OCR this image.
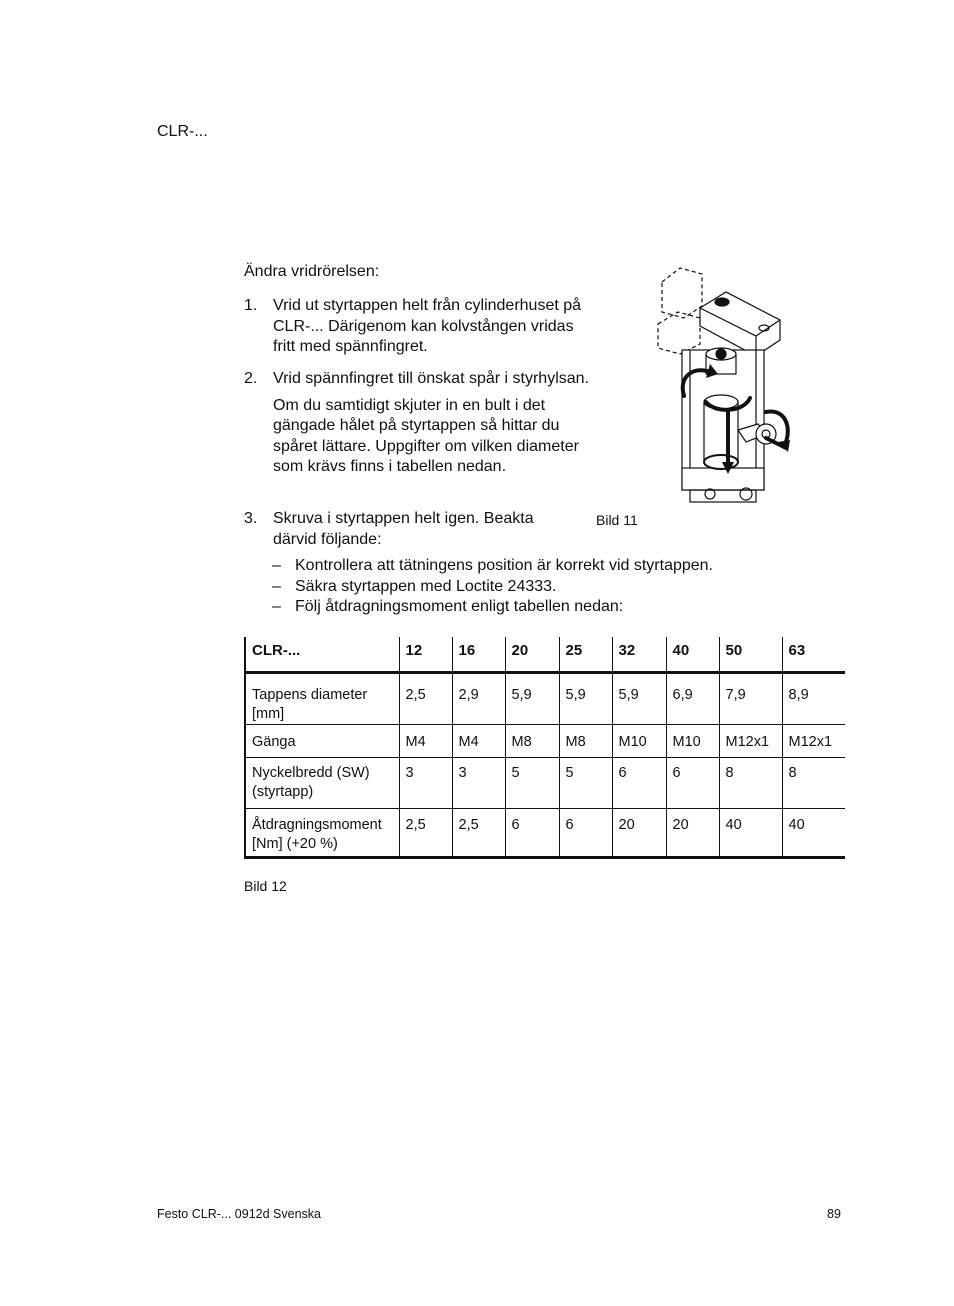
CLR-...
Ändra vridrörelsen:
1. Vrid ut styrtappen helt från cylinderhuset på CLR-... Därigenom kan kolvstången vridas fritt med spännfingret.

2. Vrid spännfingret till önskat spår i styrhylsan.

Om du samtidigt skjuter in en bult i det gängade hålet på styrtappen så hittar du spåret lättare. Uppgifter om vilken diameter som krävs finns i tabellen nedan.

3. Skruva i styrtappen helt igen. Beakta därvid följande:

Bild 11
– Kontrollera att tätningens position är korrekt vid styrtappen.
– Säkra styrtappen med Loctite 24333.
– Följ åtdragningsmoment enligt tabellen nedan:
CLR-...	12	16	20	25	32	40	50	63
Tappens diameter [mm]	2,5	2,9	5,9	5,9	5,9	6,9	7,9	8,9
Gänga	M4	M4	M8	M8	M10	M10	M12x1	M12x1
Nyckelbredd (SW) (styrtapp)	3	3	5	5	6	6	8	8
Åtdragningsmoment [Nm] (+20 %)	2,5	2,5	6	6	20	20	40	40
Bild 12
Festo CLR-... 0912d Svenska	89
